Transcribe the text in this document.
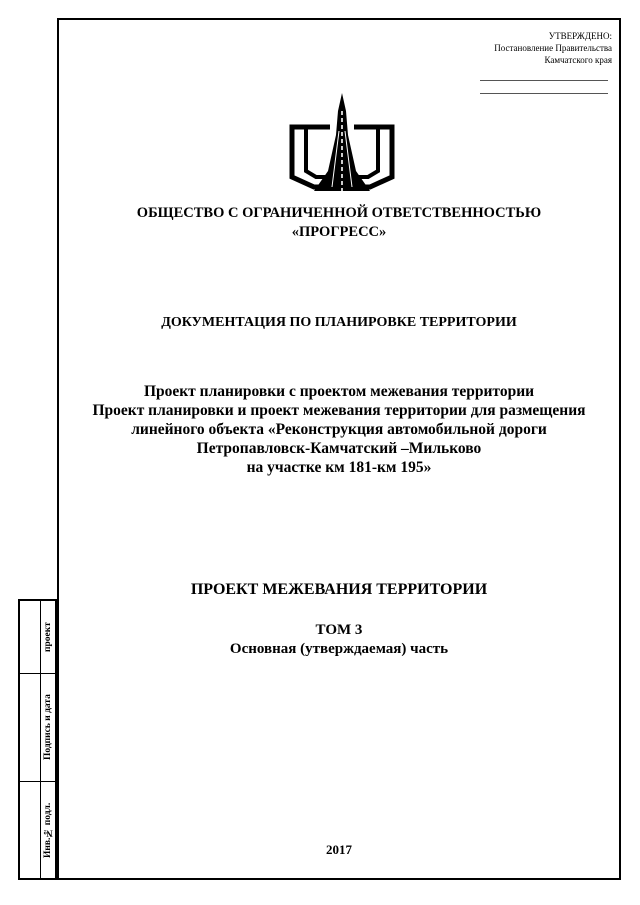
УТВЕРЖДЕНО:
Постановление Правительства
Камчатского края
ОБЩЕСТВО С ОГРАНИЧЕННОЙ ОТВЕТСТВЕННОСТЬЮ
«ПРОГРЕСС»
ДОКУМЕНТАЦИЯ ПО ПЛАНИРОВКЕ ТЕРРИТОРИИ
Проект планировки с проектом межевания территории
Проект планировки и проект межевания территории для размещения
линейного объекта «Реконструкция автомобильной дороги
Петропавловск-Камчатский –Мильково
на участке км 181-км 195»
ПРОЕКТ МЕЖЕВАНИЯ ТЕРРИТОРИИ
ТОМ 3
Основная (утверждаемая) часть
2017
проект
Подпись и дата
Инв.№ подл.
